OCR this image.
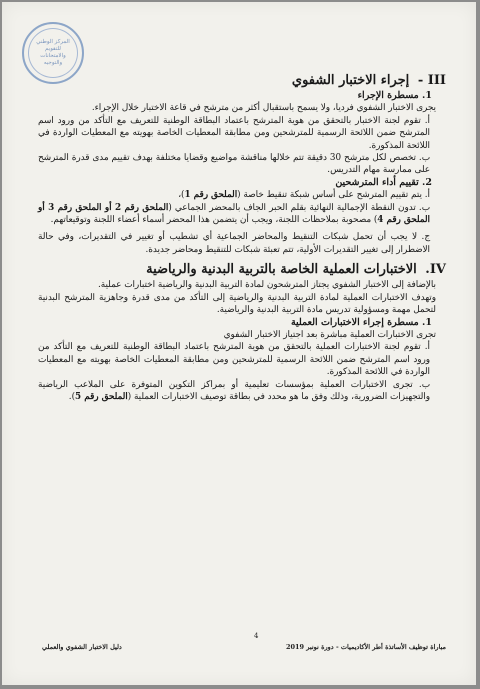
المركز الوطني للتقويم والامتحانات والتوجيه

III - إجراء الاختبار الشفوي

1. مسطرة الإجراء

يجرى الاختبار الشفوي فرديا، ولا يسمح باستقبال أكثر من مترشح في قاعة الاختبار خلال الإجراء.

أ. تقوم لجنة الاختبار بالتحقق من هوية المترشح باعتماد البطاقة الوطنية للتعريف مع التأكد من ورود اسم المترشح ضمن اللائحة الرسمية للمترشحين ومن مطابقة المعطيات الخاصة بهويته مع المعطيات الواردة في اللائحة المذكورة.

ب. تخصص لكل مترشح 30 دقيقة تتم خلالها مناقشة مواضيع وقضايا مختلفة بهدف تقييم مدى قدرة المترشح على ممارسة مهام التدريس.

2. تقييم أداء المترشحين

أ. يتم تقييم المترشح على أساس شبكة تنقيط خاصة (الملحق رقم 1)،

ب. تدون النقطة الإجمالية النهائية بقلم الحبر الجاف بالمحضر الجماعي (الملحق رقم 2 أو الملحق رقم 3 أو الملحق رقم 4) مصحوبة بملاحظات اللجنة، ويجب أن يتضمن هذا المحضر أسماء أعضاء اللجنة وتوقيعاتهم.

ج. لا يجب أن تحمل شبكات التنقيط والمحاضر الجماعية أي تشطيب أو تغيير في التقديرات، وفي حالة الاضطرار إلى تغيير التقديرات الأولية، تتم تعبئة شبكات للتنقيط ومحاضر جديدة.

IV. الاختبارات العملية الخاصة بالتربية البدنية والرياضية

بالإضافة إلى الاختبار الشفوي يجتاز المترشحون لمادة التربية البدنية والرياضية اختبارات عملية.

وتهدف الاختبارات العملية لمادة التربية البدنية والرياضية إلى التأكد من مدى قدرة وجاهزية المترشح البدنية لتحمل مهمة ومسؤولية تدريس مادة التربية البدنية والرياضية.

1. مسطرة إجراء الاختبارات العملية

تجرى الاختبارات العملية مباشرة بعد اجتياز الاختبار الشفوي

أ. تقوم لجنة الاختبارات العملية بالتحقق من هوية المترشح باعتماد البطاقة الوطنية للتعريف مع التأكد من ورود اسم المترشح ضمن اللائحة الرسمية للمترشحين ومن مطابقة المعطيات الخاصة بهويته مع المعطيات الواردة في اللائحة المذكورة.

ب. تجرى الاختبارات العملية بمؤسسات تعليمية أو بمراكز التكوين المتوفرة على الملاعب الرياضية والتجهيزات الضرورية، وذلك وفق ما هو محدد في بطاقة توصيف الاختبارات العملية (الملحق رقم 5).

4
مباراة توظيف الأساتذة أطر الأكاديميات - دورة نونبر 2019
دليل الاختبار الشفوي والعملي
